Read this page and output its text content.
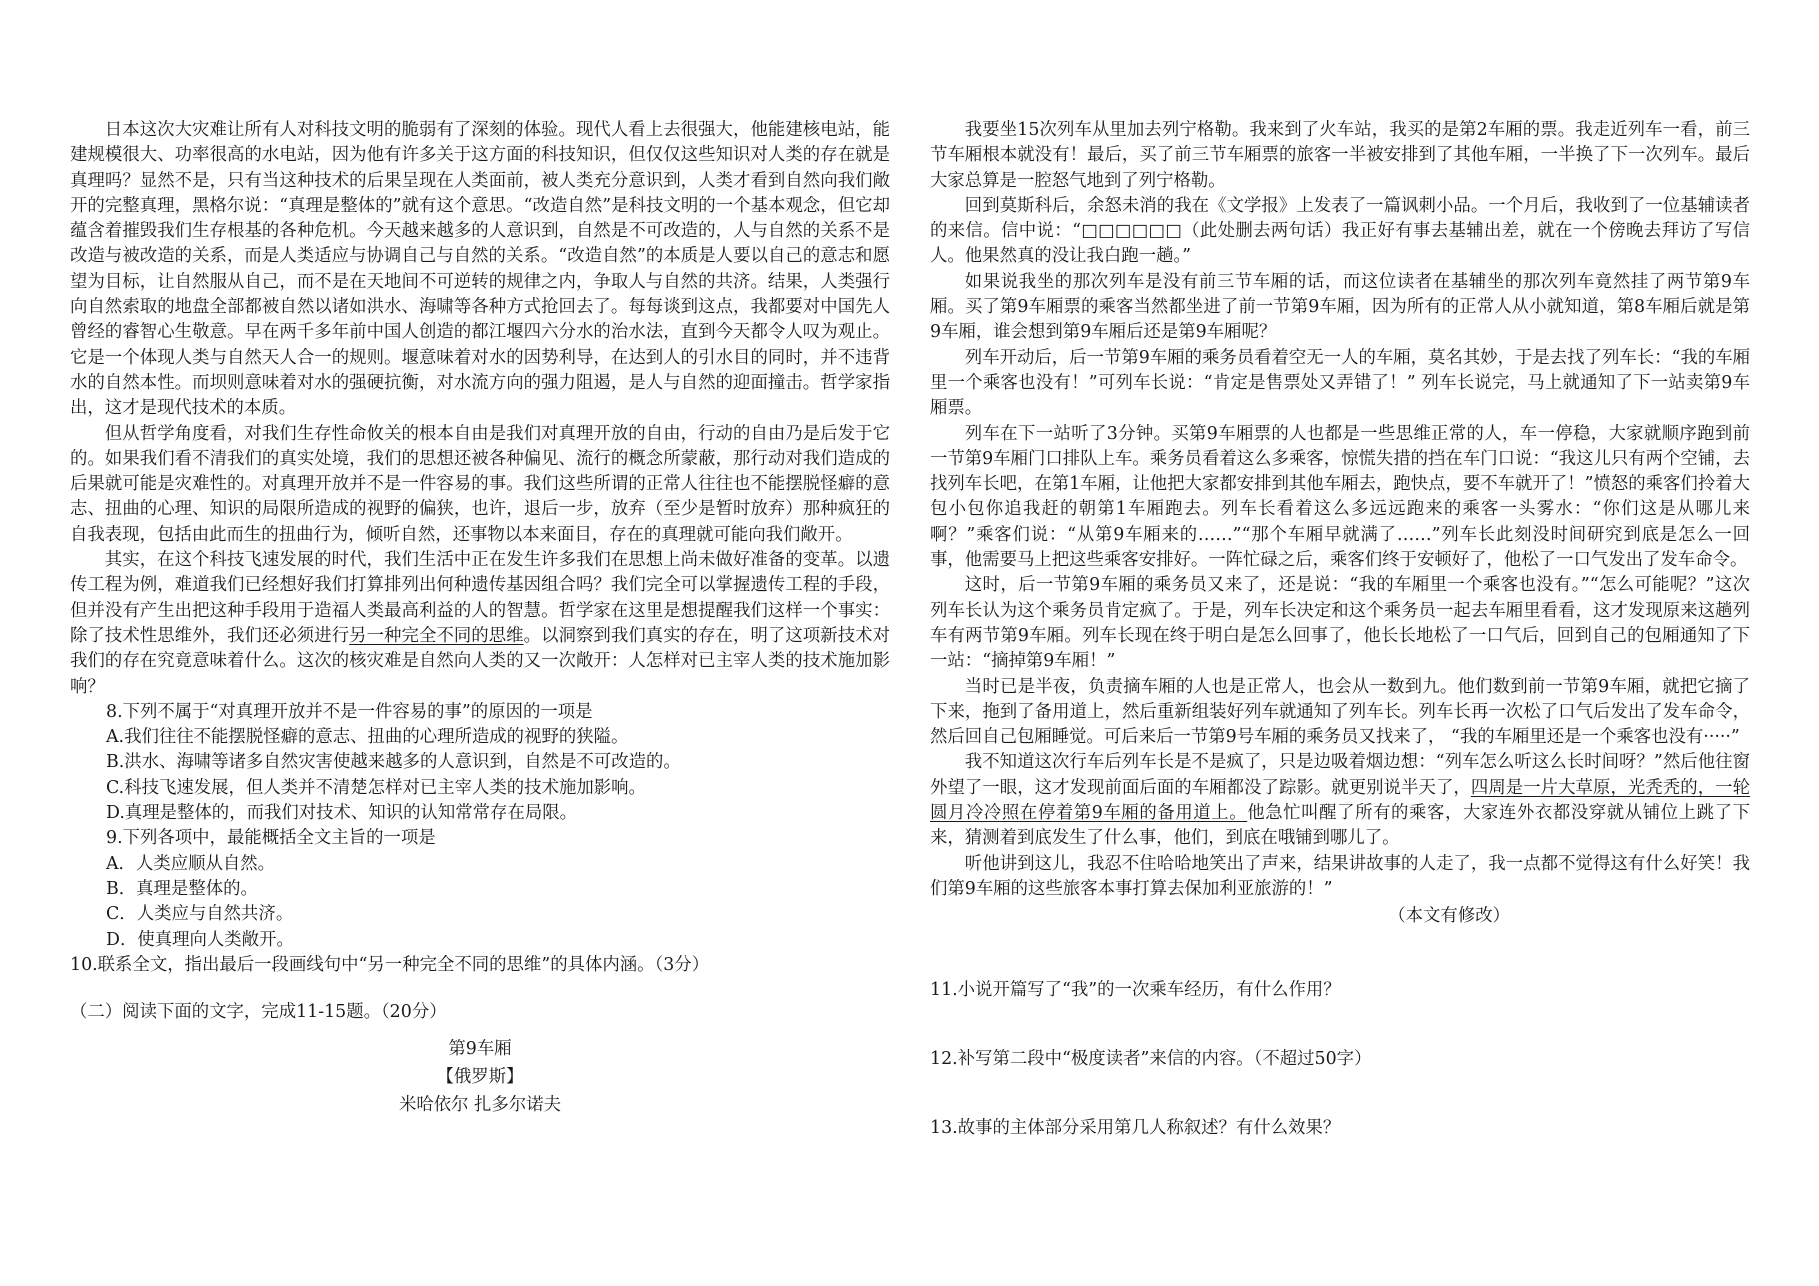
日本这次大灾难让所有人对科技文明的脆弱有了深刻的体验。现代人看上去很强大，他能建核电站，能建规模很大、功率很高的水电站，因为他有许多关于这方面的科技知识，但仅仅这些知识对人类的存在就是真理吗？显然不是，只有当这种技术的后果呈现在人类面前，被人类充分意识到，人类才看到自然向我们敞开的完整真理，黑格尔说：“真理是整体的”就有这个意思。“改造自然”是科技文明的一个基本观念，但它却蕴含着摧毁我们生存根基的各种危机。今天越来越多的人意识到，自然是不可改造的，人与自然的关系不是改造与被改造的关系，而是人类适应与协调自己与自然的关系。“改造自然”的本质是人要以自己的意志和愿望为目标，让自然服从自己，而不是在天地间不可逆转的规律之内，争取人与自然的共济。结果，人类强行向自然索取的地盘全部都被自然以诸如洪水、海啸等各种方式抢回去了。每每谈到这点，我都要对中国先人曾经的睿智心生敬意。早在两千多年前中国人创造的都江堰四六分水的治水法，直到今天都令人叹为观止。它是一个体现人类与自然天人合一的规则。堰意味着对水的因势利导，在达到人的引水目的同时，并不违背水的自然本性。而坝则意味着对水的强硬抗衡，对水流方向的强力阻遏，是人与自然的迎面撞击。哲学家指出，这才是现代技术的本质。

但从哲学角度看，对我们生存性命攸关的根本自由是我们对真理开放的自由，行动的自由乃是后发于它的。如果我们看不清我们的真实处境，我们的思想还被各种偏见、流行的概念所蒙蔽，那行动对我们造成的后果就可能是灾难性的。对真理开放并不是一件容易的事。我们这些所谓的正常人往往也不能摆脱怪癖的意志、扭曲的心理、知识的局限所造成的视野的偏狭，也许，退后一步，放弃（至少是暂时放弃）那种疯狂的自我表现，包括由此而生的扭曲行为，倾听自然，还事物以本来面目，存在的真理就可能向我们敞开。

其实，在这个科技飞速发展的时代，我们生活中正在发生许多我们在思想上尚未做好准备的变革。以遗传工程为例，难道我们已经想好我们打算排列出何种遗传基因组合吗？我们完全可以掌握遗传工程的手段，但并没有产生出把这种手段用于造福人类最高利益的人的智慧。哲学家在这里是想提醒我们这样一个事实：除了技术性思维外，我们还必须进行另一种完全不同的思维。以洞察到我们真实的存在，明了这项新技术对我们的存在究竟意味着什么。这次的核灾难是自然向人类的又一次敞开：人怎样对已主宰人类的技术施加影响？

8.下列不属于“对真理开放并不是一件容易的事”的原因的一项是

A.我们往往不能摆脱怪癖的意志、扭曲的心理所造成的视野的狭隘。

B.洪水、海啸等诸多自然灾害使越来越多的人意识到，自然是不可改造的。

C.科技飞速发展，但人类并不清楚怎样对已主宰人类的技术施加影响。

D.真理是整体的，而我们对技术、知识的认知常常存在局限。

9.下列各项中，最能概括全文主旨的一项是

A．人类应顺从自然。

B．真理是整体的。

C．人类应与自然共济。

D．使真理向人类敞开。

10.联系全文，指出最后一段画线句中“另一种完全不同的思维”的具体内涵。（3分）

（二）阅读下面的文字，完成11-15题。（20分）

第9车厢
【俄罗斯】
米哈依尔 扎多尔诺夫

我要坐15次列车从里加去列宁格勒。我来到了火车站，我买的是第2车厢的票。我走近列车一看，前三节车厢根本就没有！最后，买了前三节车厢票的旅客一半被安排到了其他车厢，一半换了下一次列车。最后大家总算是一腔怒气地到了列宁格勒。

回到莫斯科后，余怒未消的我在《文学报》上发表了一篇讽刺小品。一个月后，我收到了一位基辅读者的来信。信中说：“□□□□□□（此处删去两句话）我正好有事去基辅出差，就在一个傍晚去拜访了写信人。他果然真的没让我白跑一趟。”

如果说我坐的那次列车是没有前三节车厢的话，而这位读者在基辅坐的那次列车竟然挂了两节第9车厢。买了第9车厢票的乘客当然都坐进了前一节第9车厢，因为所有的正常人从小就知道，第8车厢后就是第9车厢，谁会想到第9车厢后还是第9车厢呢？

列车开动后，后一节第9车厢的乘务员看着空无一人的车厢，莫名其妙，于是去找了列车长：“我的车厢里一个乘客也没有！”可列车长说：“肯定是售票处又弄错了！” 列车长说完，马上就通知了下一站卖第9车厢票。

列车在下一站听了3分钟。买第9车厢票的人也都是一些思维正常的人，车一停稳，大家就顺序跑到前一节第9车厢门口排队上车。乘务员看着这么多乘客，惊慌失措的挡在车门口说：“我这儿只有两个空铺，去找列车长吧，在第1车厢，让他把大家都安排到其他车厢去，跑快点，要不车就开了！”愤怒的乘客们拎着大包小包你追我赶的朝第1车厢跑去。列车长看着这么多远远跑来的乘客一头雾水：“你们这是从哪儿来啊？”乘客们说：“从第9车厢来的……”“那个车厢早就满了……”列车长此刻没时间研究到底是怎么一回事，他需要马上把这些乘客安排好。一阵忙碌之后，乘客们终于安顿好了，他松了一口气发出了发车命令。

这时，后一节第9车厢的乘务员又来了，还是说：“我的车厢里一个乘客也没有。”“怎么可能呢？”这次列车长认为这个乘务员肯定疯了。于是，列车长决定和这个乘务员一起去车厢里看看，这才发现原来这趟列车有两节第9车厢。列车长现在终于明白是怎么回事了，他长长地松了一口气后，回到自己的包厢通知了下一站：“摘掉第9车厢！”

当时已是半夜，负责摘车厢的人也是正常人，也会从一数到九。他们数到前一节第9车厢，就把它摘了下来，拖到了备用道上，然后重新组装好列车就通知了列车长。列车长再一次松了口气后发出了发车命令，然后回自己包厢睡觉。可后来后一节第9号车厢的乘务员又找来了， “我的车厢里还是一个乘客也没有·····”

我不知道这次行车后列车长是不是疯了，只是边吸着烟边想：“列车怎么听这么长时间呀？”然后他往窗外望了一眼，这才发现前面后面的车厢都没了踪影。就更别说半天了，四周是一片大草原，光秃秃的，一轮圆月冷冷照在停着第9车厢的备用道上。他急忙叫醒了所有的乘客，大家连外衣都没穿就从铺位上跳了下来，猜测着到底发生了什么事，他们，到底在哦铺到哪儿了。

听他讲到这儿，我忍不住哈哈地笑出了声来，结果讲故事的人走了，我一点都不觉得这有什么好笑！我们第9车厢的这些旅客本事打算去保加利亚旅游的！”

（本文有修改）

11.小说开篇写了“我”的一次乘车经历，有什么作用？

12.补写第二段中“极度读者”来信的内容。（不超过50字）

13.故事的主体部分采用第几人称叙述？有什么效果？
